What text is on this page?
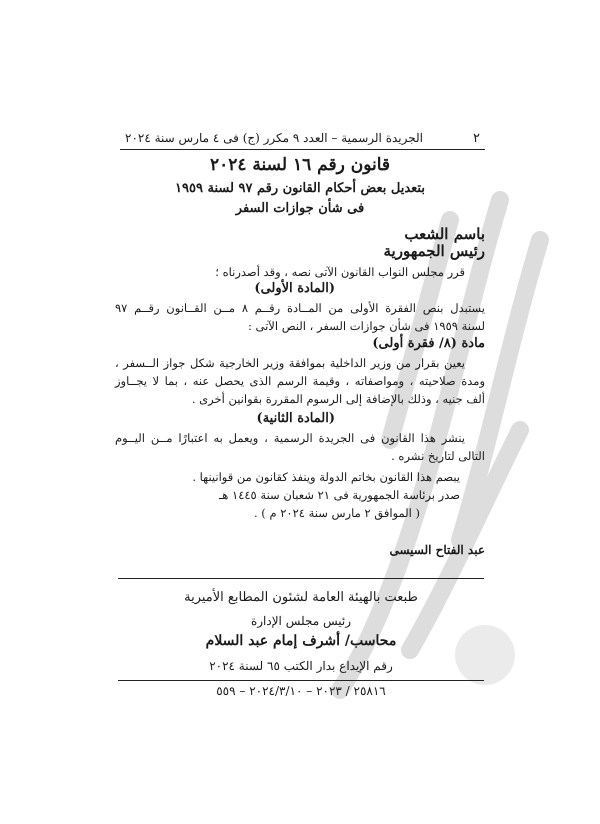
٢
الجريدة الرسمية – العدد ٩ مكرر (ج) فى ٤ مارس سنة ٢٠٢٤
قانون رقم ١٦ لسنة ٢٠٢٤
بتعديل بعض أحكام القانون رقم ٩٧ لسنة ١٩٥٩
فى شأن جوازات السفر
باسم الشعب
رئيس الجمهورية
قرر مجلس النواب القانون الآتى نصه ، وقد أصدرناه ؛
(المادة الأولى)
يستبدل بنص الفقرة الأولى من المــادة رقــم ٨ مــن القــانون رقــم ٩٧
لسنة ١٩٥٩ فى شأن جوازات السفر ، النص الآتى :
مادة (٨/ فقرة أولى)
يعين بقرار من وزير الداخلية بموافقة وزير الخارجية شكل جواز الــسفر ،
ومدة صلاحيته ، ومواصفاته ، وقيمة الرسم الذى يحصل عنه ، بما لا يجــاوز
ألف جنيه ، وذلك بالإضافة إلى الرسوم المقررة بقوانين أخرى .
(المادة الثانية)
ينشر هذا القانون فى الجريدة الرسمية ، ويعمل به اعتبارًا مــن اليــوم
التالى لتاريخ نشره .
يبصم هذا القانون بخاتم الدولة وينفذ كقانون من قوانينها .
صدر برئاسة الجمهورية فى ٢١ شعبان سنة ١٤٤٥ هـ
( الموافق ٢ مارس سنة ٢٠٢٤ م ) .
عبد الفتاح السيسى
طبعت بالهيئة العامة لشئون المطابع الأميرية
رئيس مجلس الإدارة
محاسب/ أشرف إمام عبد السلام
رقم الإيداع بدار الكتب ٦٥ لسنة ٢٠٢٤
٢٥٨١٦ / ٢٠٢٣ – ٢٠٢٤/٣/١٠ – ٥٥٩
